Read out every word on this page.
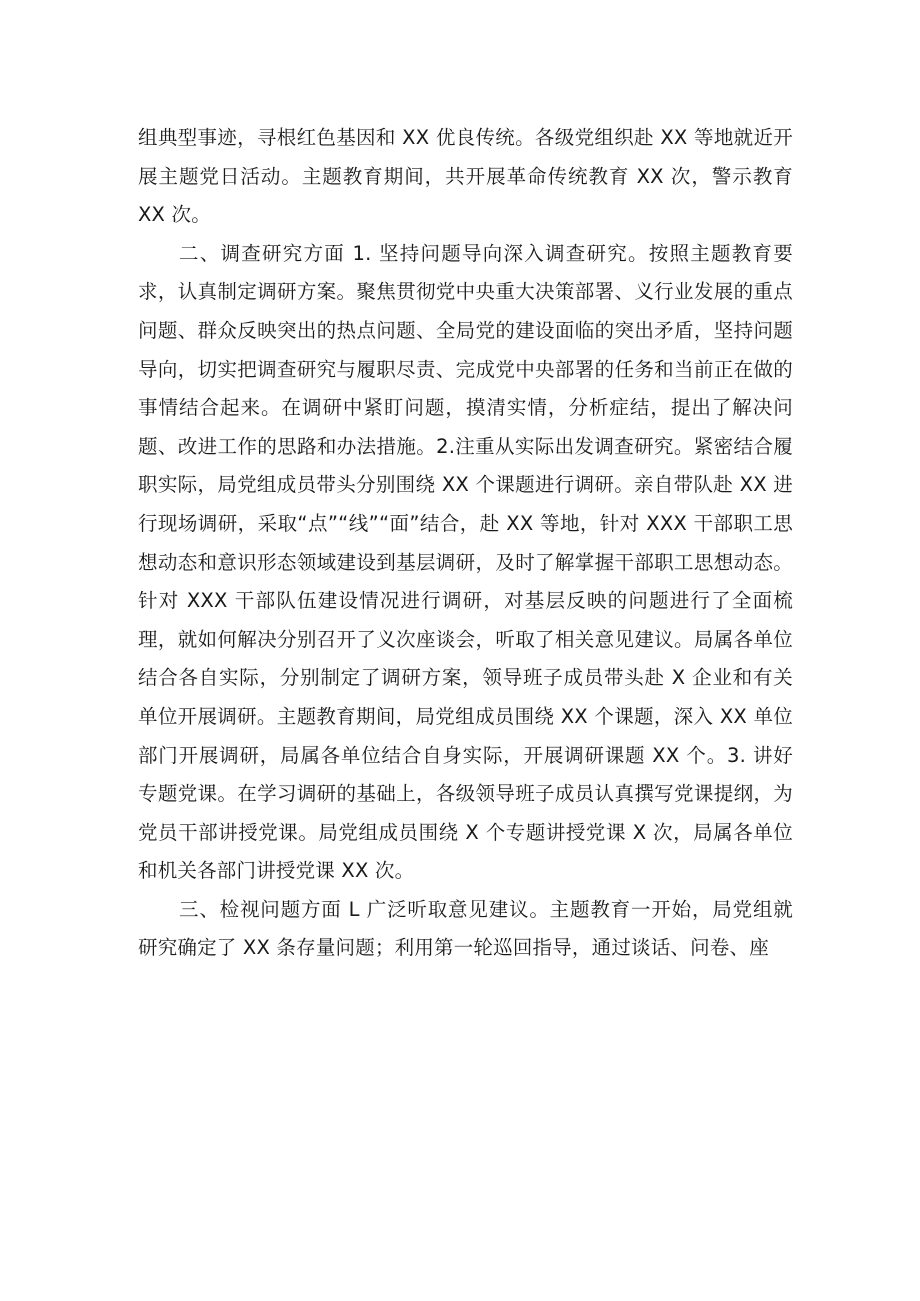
组典型事迹，寻根红色基因和 XX 优良传统。各级党组织赴 XX 等地就近开展主题党日活动。主题教育期间，共开展革命传统教育 XX 次，警示教育 XX 次。

二、调查研究方面 1. 坚持问题导向深入调查研究。按照主题教育要求，认真制定调研方案。聚焦贯彻党中央重大决策部署、义行业发展的重点问题、群众反映突出的热点问题、全局党的建设面临的突出矛盾，坚持问题导向，切实把调查研究与履职尽责、完成党中央部署的任务和当前正在做的事情结合起来。在调研中紧盯问题，摸清实情，分析症结，提出了解决问题、改进工作的思路和办法措施。2.注重从实际出发调查研究。紧密结合履职实际，局党组成员带头分别围绕 XX 个课题进行调研。亲自带队赴 XX 进行现场调研，采取“点”“线”“面”结合，赴 XX 等地，针对 XXX 干部职工思想动态和意识形态领域建设到基层调研，及时了解掌握干部职工思想动态。针对 XXX 干部队伍建设情况进行调研，对基层反映的问题进行了全面梳理，就如何解决分别召开了义次座谈会，听取了相关意见建议。局属各单位结合各自实际，分别制定了调研方案，领导班子成员带头赴 X 企业和有关单位开展调研。主题教育期间，局党组成员围绕 XX 个课题，深入 XX 单位部门开展调研，局属各单位结合自身实际，开展调研课题 XX 个。3. 讲好专题党课。在学习调研的基础上，各级领导班子成员认真撰写党课提纲，为党员干部讲授党课。局党组成员围绕 X 个专题讲授党课 X 次，局属各单位和机关各部门讲授党课 XX 次。

三、检视问题方面 L 广泛听取意见建议。主题教育一开始，局党组就研究确定了 XX 条存量问题；利用第一轮巡回指导，通过谈话、问卷、座
